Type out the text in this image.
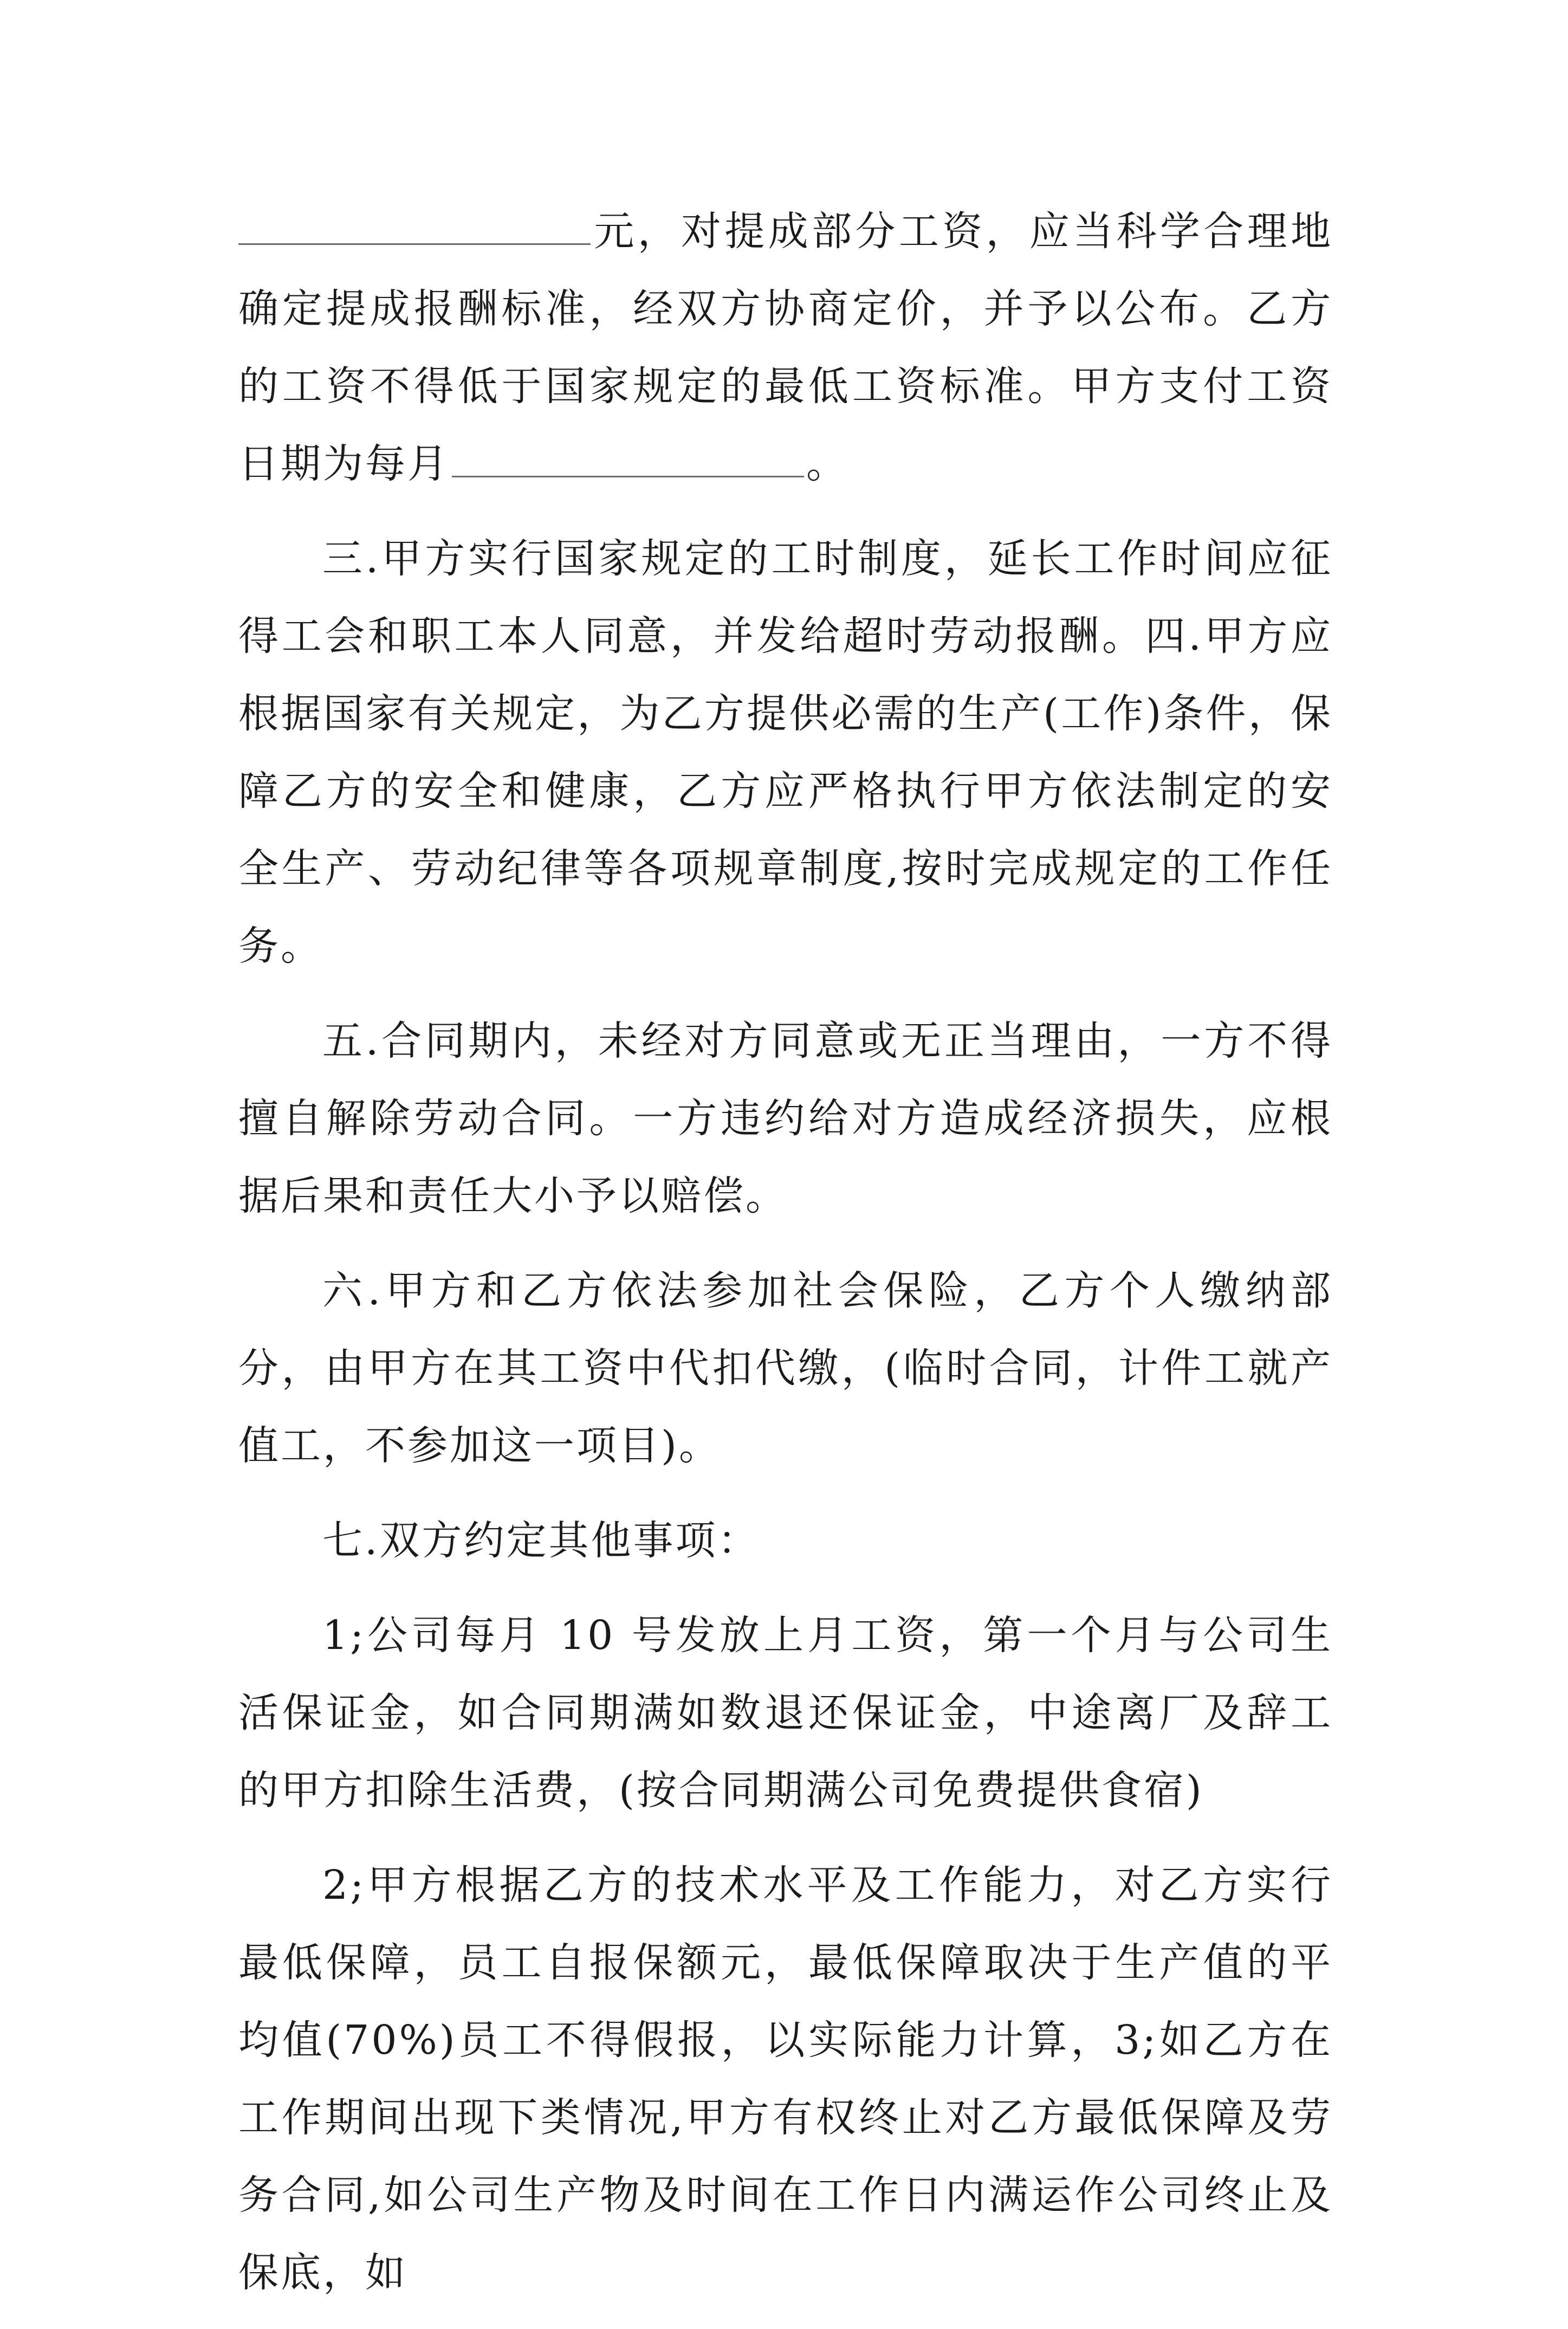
元，对提成部分工资，应当科学合理地确定提成报酬标准，经双方协商定价，并予以公布。乙方的工资不得低于国家规定的最低工资标准。甲方支付工资日期为每月	。

三.甲方实行国家规定的工时制度，延长工作时间应征得工会和职工本人同意，并发给超时劳动报酬。四.甲方应根据国家有关规定，为乙方提供必需的生产(工作)条件，保障乙方的安全和健康，乙方应严格执行甲方依法制定的安全生产、劳动纪律等各项规章制度,按时完成规定的工作任务。

五.合同期内，未经对方同意或无正当理由，一方不得擅自解除劳动合同。一方违约给对方造成经济损失，应根据后果和责任大小予以赔偿。

六.甲方和乙方依法参加社会保险，乙方个人缴纳部分，由甲方在其工资中代扣代缴，(临时合同，计件工就产值工，不参加这一项目)。

七.双方约定其他事项：

1;公司每月 10 号发放上月工资，第一个月与公司生活保证金，如合同期满如数退还保证金，中途离厂及辞工的甲方扣除生活费，(按合同期满公司免费提供食宿)

2;甲方根据乙方的技术水平及工作能力，对乙方实行最低保障，员工自报保额元，最低保障取决于生产值的平均值(70%)员工不得假报，以实际能力计算，3;如乙方在工作期间出现下类情况,甲方有权终止对乙方最低保障及劳务合同,如公司生产物及时间在工作日内满运作公司终止及保底，如
